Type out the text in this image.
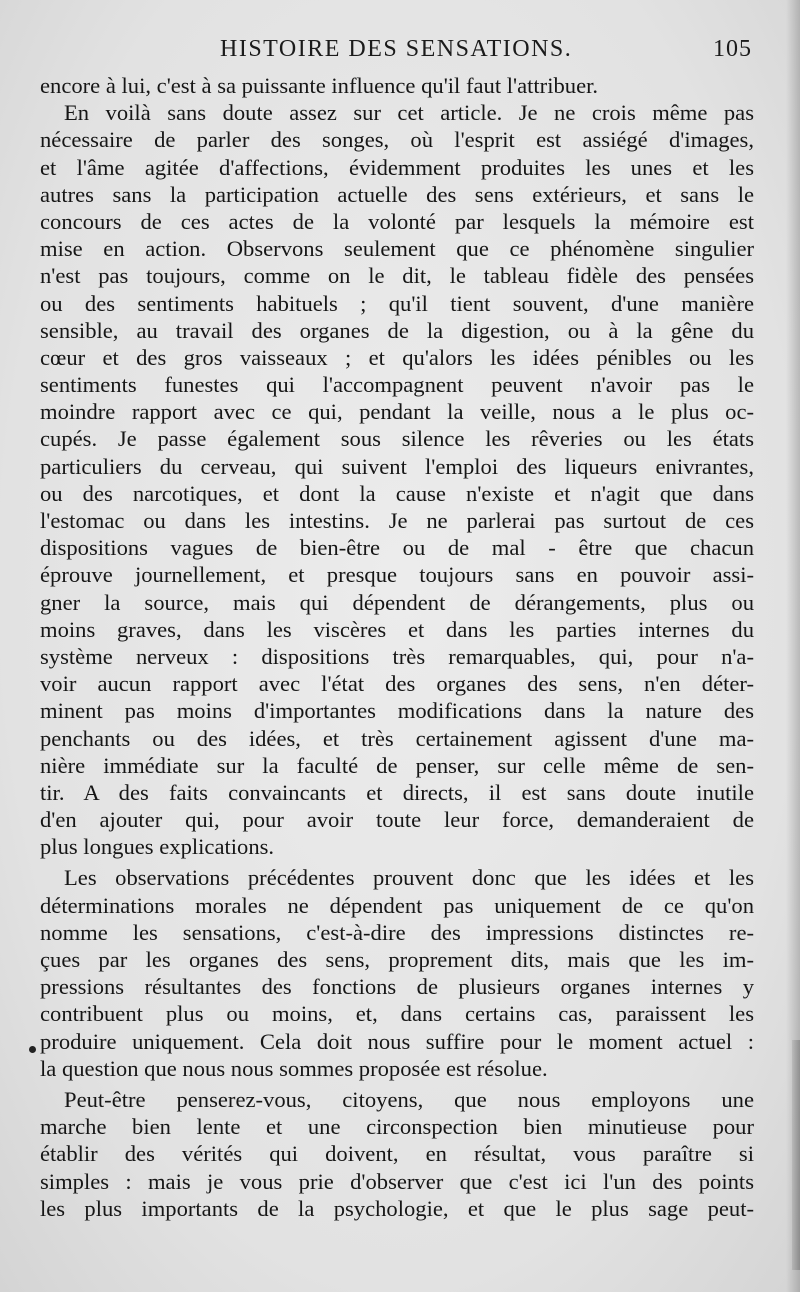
HISTOIRE DES SENSATIONS.	105
encore à lui, c'est à sa puissante influence qu'il faut l'attribuer.
En voilà sans doute assez sur cet article. Je ne crois même pas
nécessaire de parler des songes, où l'esprit est assiégé d'images,
et l'âme agitée d'affections, évidemment produites les unes et les
autres sans la participation actuelle des sens extérieurs, et sans le
concours de ces actes de la volonté par lesquels la mémoire est
mise en action. Observons seulement que ce phénomène singulier
n'est pas toujours, comme on le dit, le tableau fidèle des pensées
ou des sentiments habituels ; qu'il tient souvent, d'une manière
sensible, au travail des organes de la digestion, ou à la gêne du
cœur et des gros vaisseaux ; et qu'alors les idées pénibles ou les
sentiments funestes qui l'accompagnent peuvent n'avoir pas le
moindre rapport avec ce qui, pendant la veille, nous a le plus oc-
cupés. Je passe également sous silence les rêveries ou les états
particuliers du cerveau, qui suivent l'emploi des liqueurs enivrantes,
ou des narcotiques, et dont la cause n'existe et n'agit que dans
l'estomac ou dans les intestins. Je ne parlerai pas surtout de ces
dispositions vagues de bien-être ou de mal - être que chacun
éprouve journellement, et presque toujours sans en pouvoir assi-
gner la source, mais qui dépendent de dérangements, plus ou
moins graves, dans les viscères et dans les parties internes du
système nerveux : dispositions très remarquables, qui, pour n'a-
voir aucun rapport avec l'état des organes des sens, n'en déter-
minent pas moins d'importantes modifications dans la nature des
penchants ou des idées, et très certainement agissent d'une ma-
nière immédiate sur la faculté de penser, sur celle même de sen-
tir. A des faits convaincants et directs, il est sans doute inutile
d'en ajouter qui, pour avoir toute leur force, demanderaient de
plus longues explications.
Les observations précédentes prouvent donc que les idées et les
déterminations morales ne dépendent pas uniquement de ce qu'on
nomme les sensations, c'est-à-dire des impressions distinctes re-
çues par les organes des sens, proprement dits, mais que les im-
pressions résultantes des fonctions de plusieurs organes internes y
contribuent plus ou moins, et, dans certains cas, paraissent les
produire uniquement. Cela doit nous suffire pour le moment actuel :
la question que nous nous sommes proposée est résolue.
Peut-être penserez-vous, citoyens, que nous employons une
marche bien lente et une circonspection bien minutieuse pour
établir des vérités qui doivent, en résultat, vous paraître si
simples : mais je vous prie d'observer que c'est ici l'un des points
les plus importants de la psychologie, et que le plus sage peut-
